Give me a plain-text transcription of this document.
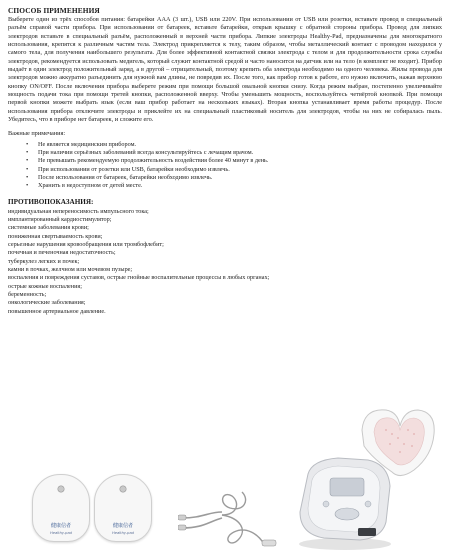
СПОСОБ ПРИМЕНЕНИЯ

Выберете один из трёх способов питания: батарейки ААА (3 шт.), USB или 220V. При использовании от USB или розетки, вставьте провод в специальный разъём справой части прибора. При использовании от батареек, вставьте батарейки, открыв крышку с обратной стороны прибора. Провод для липких электродов вставьте в специальный разъём, расположенный в верхней части прибора. Липкие электроды Healthy-Pad, предназначены для многократного использования, крепятся к различным частям тела. Электрод прикрепляется к телу, таким образом, чтобы металлический контакт с проводом находился у самого тела, для получения наибольшего результата. Для более эффективной контактной связки электрода с телом и для продолжительности срока службы электродов, рекомендуется использовать медигель, который служит контактной средой и часто наносится на датчик или на тело (в комплект не входит). Прибор выдаёт в один электрод положительный заряд, а в другой – отрицательный, поэтому крепить оба электрода необходимо на одного человека. Жилы провода для электродов можно аккуратно разъединить для нужной вам длины, не повредив их. После того, как прибор готов к работе, его нужно включить, нажав верхнюю кнопку ON/OFF. После включения прибора выберете режим при помощи большой овальной кнопки снизу. Когда режим выбран, постепенно увеличивайте мощность подачи тока при помощи третей кнопки, расположенной вверху. Чтобы уменьшить мощность, воспользуйтесь четвёртой кнопкой. При помощи первой кнопки можете выбрать язык (если ваш прибор работает на нескольких языках). Вторая кнопка устанавливает время работы процедур. После использования прибора отключите электроды и приклейте их на специальный пластиковый носитель для электродов, чтобы на них не собиралась пыль. Убедитесь, что в приборе нет батареек, и сложите его.

Важные примечания:

• Не является медицинским прибором.
• При наличии серьёзных заболеваний всегда консультируйтесь с лечащим врачом.
• Не превышать рекомендуемую продолжительность воздействия более 40 минут в день.
• При использовании от розетки или USB, батарейки необходимо извлечь.
• После использования от батареек, батарейки необходимо извлечь.
• Хранить в недоступном от детей месте.
ПРОТИВОПОКАЗАНИЯ:
индивидуальная непереносимость импульсного тока;
имплантированный кардиостимулятор;
системные заболевания крови;
пониженная свертываемость крови;
серьезные нарушения кровообращения или тромбофлебит;
почечная и печеночная недостаточность;
туберкулез легких и почек;
камни в почках, желчном или мочевом пузыре;
воспаления и повреждения суставов, острые гнойные воспалительные процессы в любых органах;
острые кожные воспаления;
беременность;
онкологические заболевания;
повышенное артериальное давление.
健康信者
Healthy-pad
健康信者
Healthy-pad
